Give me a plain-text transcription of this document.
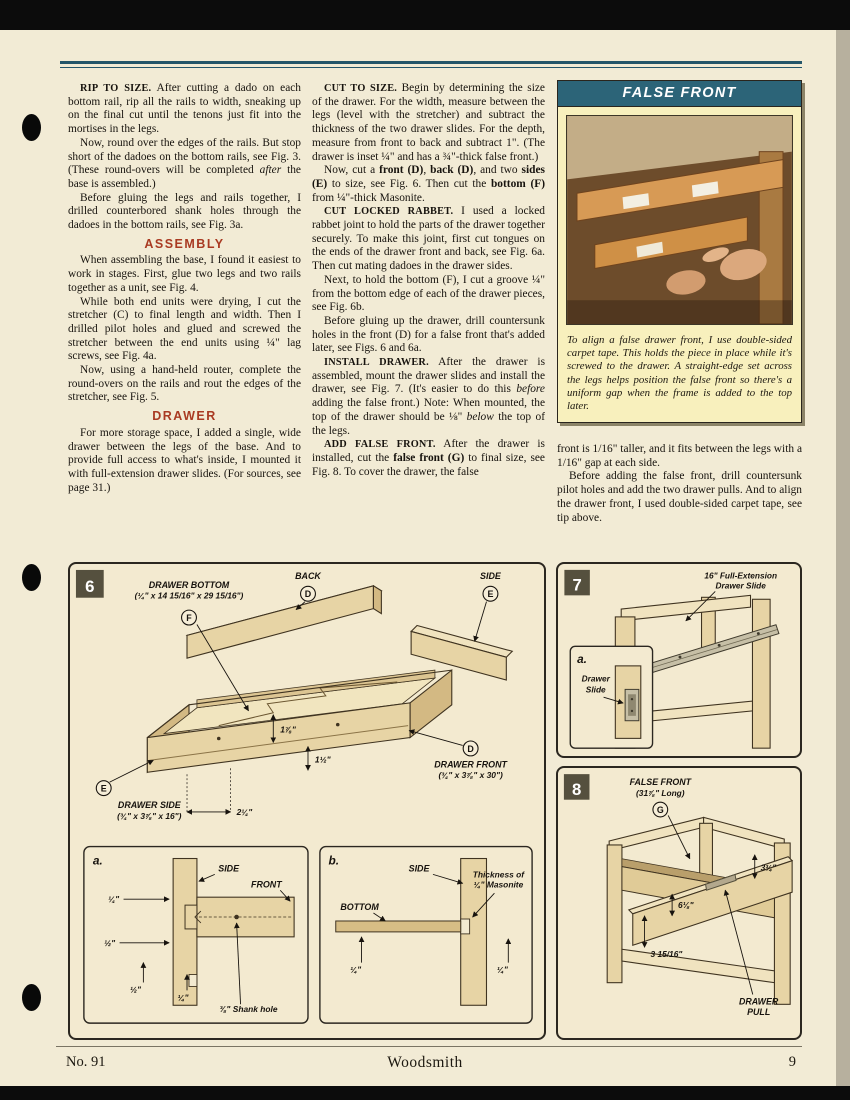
RIP TO SIZE. After cutting a dado on each bottom rail, rip all the rails to width, sneaking up on the final cut until the tenons just fit into the mortises in the legs.

Now, round over the edges of the rails. But stop short of the dadoes on the bottom rails, see Fig. 3. (These round-overs will be completed after the base is assembled.)

Before gluing the legs and rails together, I drilled counterbored shank holes through the dadoes in the bottom rails, see Fig. 3a.

ASSEMBLY

When assembling the base, I found it easiest to work in stages. First, glue two legs and two rails together as a unit, see Fig. 4.

While both end units were drying, I cut the stretcher (C) to final length and width. Then I drilled pilot holes and glued and screwed the stretcher between the end units using ¼" lag screws, see Fig. 4a.

Now, using a hand-held router, complete the round-overs on the rails and rout the edges of the stretcher, see Fig. 5.

DRAWER

For more storage space, I added a single, wide drawer between the legs of the base. And to provide full access to what's inside, I mounted it with full-extension drawer slides. (For sources, see page 31.)

CUT TO SIZE. Begin by determining the size of the drawer. For the width, measure between the legs (level with the stretcher) and subtract the thickness of the two drawer slides. For the depth, measure from front to back and subtract 1". (The drawer is inset ¼" and has a ¾"-thick false front.)

Now, cut a front (D), back (D), and two sides (E) to size, see Fig. 6. Then cut the bottom (F) from ¼"-thick Masonite.

CUT LOCKED RABBET. I used a locked rabbet joint to hold the parts of the drawer together securely. To make this joint, first cut tongues on the ends of the drawer front and back, see Fig. 6a. Then cut mating dadoes in the drawer sides.

Next, to hold the bottom (F), I cut a groove ¼" from the bottom edge of each of the drawer pieces, see Fig. 6b.

Before gluing up the drawer, drill countersunk holes in the front (D) for a false front that's added later, see Figs. 6 and 6a.

INSTALL DRAWER. After the drawer is assembled, mount the drawer slides and install the drawer, see Fig. 7. (It's easier to do this before adding the false front.) Note: When mounted, the top of the drawer should be ⅛" below the top of the legs.

ADD FALSE FRONT. After the drawer is installed, cut the false front (G) to final size, see Fig. 8. To cover the drawer, the false

FALSE FRONT
To align a false drawer front, I use double-sided carpet tape. This holds the piece in place while it's screwed to the drawer. A straight-edge set across the legs helps position the false front so there's a uniform gap when the frame is added to the top later.

front is 1/16" taller, and it fits between the legs with a 1/16" gap at each side.

Before adding the false front, drill countersunk pilot holes and add the two drawer pulls. And to align the drawer front, I used double-sided carpet tape, see tip above.

6	DRAWER BOTTOM
(¼" x 14 15/16" x 29 15/16")
F
BACK
D
SIDE
E
D
DRAWER FRONT
(¾" x 3⅞" x 30")
E
DRAWER SIDE
(¾" x 3⅞" x 16")
1⅞"
1½"
2¼"
a.
SIDE
FRONT
¼"
½"
½"
¼"
⅜" Shank hole
b.
SIDE
BOTTOM
Thickness of
¼" Masonite
¼"	¼"
7	16" Full-Extension
Drawer Slide
a.
Drawer
Slide
8	FALSE FRONT
(31⅞" Long)
G
3¾"
6⅛"
3 15/16"
DRAWER
PULL
Woodsmith
No. 91	9
